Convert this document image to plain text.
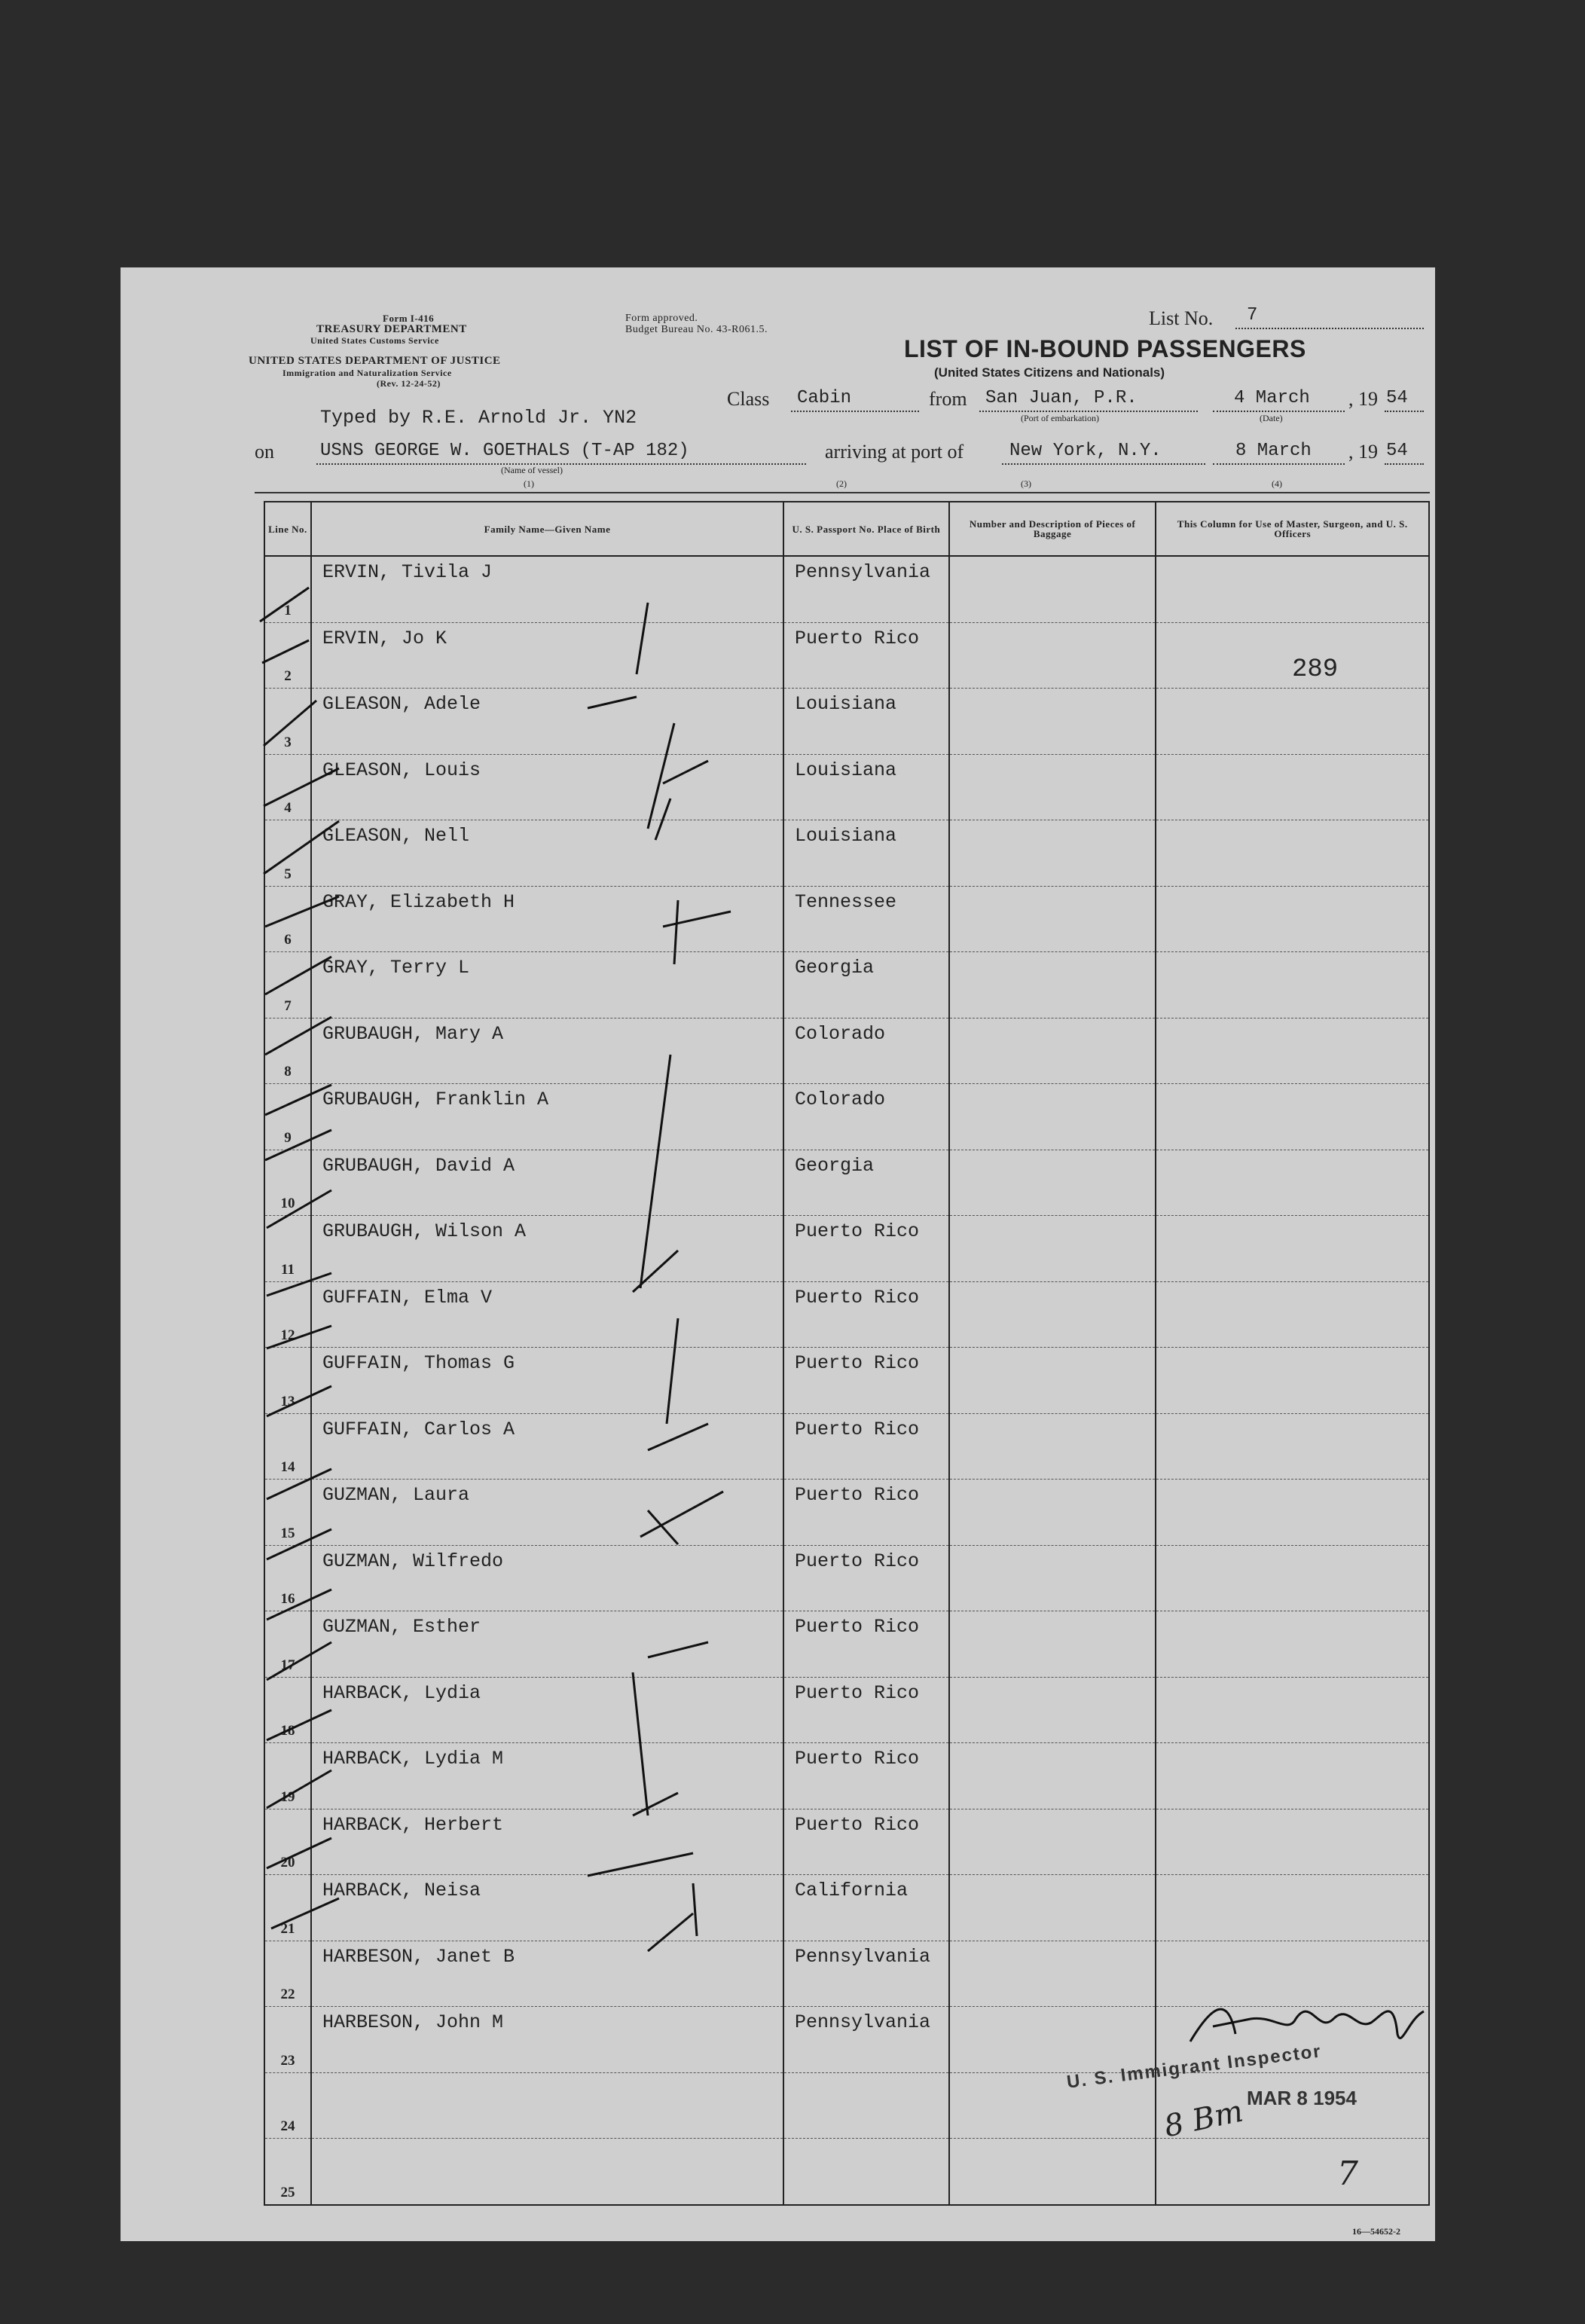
Form I-416
TREASURY DEPARTMENT
United States Customs Service
UNITED STATES DEPARTMENT OF JUSTICE
Immigration and Naturalization Service
(Rev. 12-24-52)
Form approved.
Budget Bureau No. 43-R061.5.
List No. 7
LIST OF IN-BOUND PASSENGERS
(United States Citizens and Nationals)
Typed by R.E. Arnold Jr. YN2
Class Cabin	from San Juan, P.R.
(Port of embarkation)
4 March
(Date)
, 19 54
on	USNS GEORGE W. GOETHALS (T-AP 182)
(Name of vessel)
arriving at port of	New York, N.Y.	8 March , 19 54
(1)	(2)	(3)	(4)
Line No.	Family Name—Given Name	U. S. Passport No. Place of Birth	Number and Description of Pieces of Baggage	This Column for Use of Master, Surgeon, and U. S. Officers

1	ERVIN, Tivila J	Pennsylvania		

2	ERVIN, Jo K	Puerto Rico		

3	GLEASON, Adele	Louisiana		

4	GLEASON, Louis	Louisiana		

5	GLEASON, Nell	Louisiana		

6	GRAY, Elizabeth H	Tennessee		

7	GRAY, Terry L	Georgia		

8	GRUBAUGH, Mary A	Colorado		

9	GRUBAUGH, Franklin A	Colorado		

10	GRUBAUGH, David A	Georgia		

11	GRUBAUGH, Wilson A	Puerto Rico		

12	GUFFAIN, Elma V	Puerto Rico		

13	GUFFAIN, Thomas G	Puerto Rico		

14	GUFFAIN, Carlos A	Puerto Rico		

15	GUZMAN, Laura	Puerto Rico		

16	GUZMAN, Wilfredo	Puerto Rico		

17	GUZMAN, Esther	Puerto Rico		

18	HARBACK, Lydia	Puerto Rico		

19	HARBACK, Lydia M	Puerto Rico		

20	HARBACK, Herbert	Puerto Rico		

21	HARBACK, Neisa	California		

22	HARBESON, Janet B	Pennsylvania		

23	HARBESON, John M	Pennsylvania		

24				

25				

289
U. S. Immigrant Inspector
MAR 8 1954
8 Bm
7
16—54652-2
